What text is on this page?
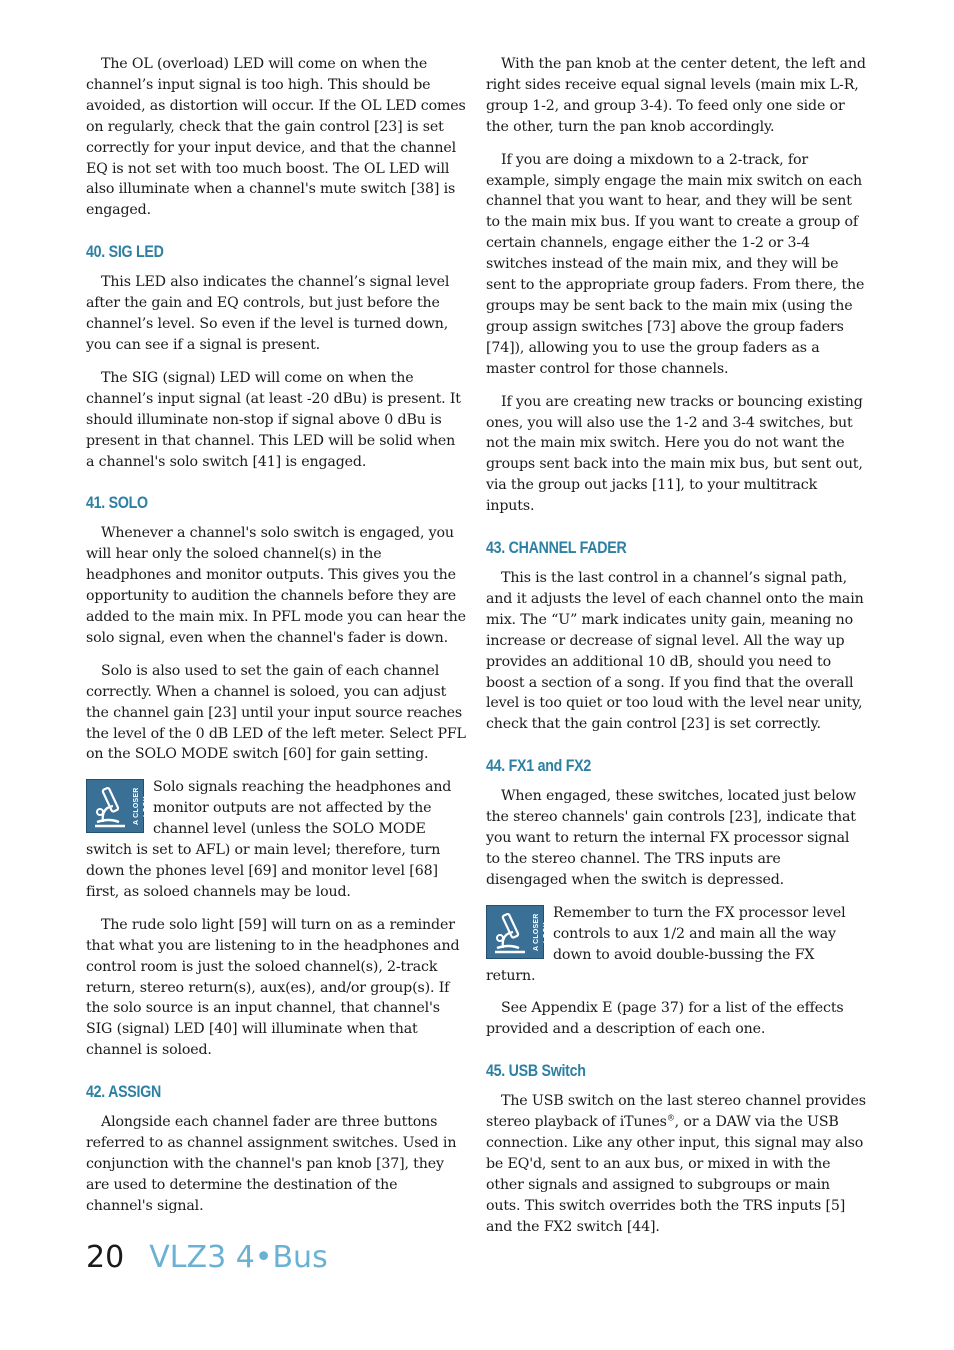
The OL (overload) LED will come on when the channel’s input signal is too high. This should be avoided, as distortion will occur. If the OL LED comes on regularly, check that the gain control [23] is set correctly for your input device, and that the channel EQ is not set with too much boost. The OL LED will also illuminate when a channel's mute switch [38] is engaged.

40. SIG LED

This LED also indicates the channel’s signal level after the gain and EQ controls, but just before the channel’s level. So even if the level is turned down, you can see if a signal is present.

The SIG (signal) LED will come on when the channel’s input signal (at least -20 dBu) is present. It should illuminate non-stop if signal above 0 dBu is present in that channel. This LED will be solid when a channel's solo switch [41] is engaged.

41. SOLO

Whenever a channel's solo switch is engaged, you will hear only the soloed channel(s) in the headphones and monitor outputs. This gives you the opportunity to audition the channels before they are added to the main mix. In PFL mode you can hear the solo signal, even when the channel's fader is down.

Solo is also used to set the gain of each channel correctly. When a channel is soloed, you can adjust the channel gain [23] until your input source reaches the level of the 0 dB LED of the left meter. Select PFL on the SOLO MODE switch [60] for gain setting.

A CLOSER LOOK

Solo signals reaching the headphones and monitor outputs are not affected by the channel level (unless the SOLO MODE switch is set to AFL) or main level; therefore, turn down the phones level [69] and monitor level [68] first, as soloed channels may be loud.

The rude solo light [59] will turn on as a reminder that what you are listening to in the headphones and control room is just the soloed channel(s), 2-track return, stereo return(s), aux(es), and/or group(s). If the solo source is an input channel, that channel's SIG (signal) LED [40] will illuminate when that channel is soloed.

42. ASSIGN

Alongside each channel fader are three buttons referred to as channel assignment switches. Used in conjunction with the channel's pan knob [37], they are used to determine the destination of the channel's signal.

With the pan knob at the center detent, the left and right sides receive equal signal levels (main mix L-R, group 1-2, and group 3-4). To feed only one side or the other, turn the pan knob accordingly.

If you are doing a mixdown to a 2-track, for example, simply engage the main mix switch on each channel that you want to hear, and they will be sent to the main mix bus. If you want to create a group of certain channels, engage either the 1-2 or 3-4 switches instead of the main mix, and they will be sent to the appropriate group faders. From there, the groups may be sent back to the main mix (using the group assign switches [73] above the group faders [74]), allowing you to use the group faders as a master control for those channels.

If you are creating new tracks or bouncing existing ones, you will also use the 1-2 and 3-4 switches, but not the main mix switch. Here you do not want the groups sent back into the main mix bus, but sent out, via the group out jacks [11], to your multitrack inputs.

43. CHANNEL FADER

This is the last control in a channel’s signal path, and it adjusts the level of each channel onto the main mix. The “U” mark indicates unity gain, meaning no increase or decrease of signal level. All the way up provides an additional 10 dB, should you need to boost a section of a song. If you find that the overall level is too quiet or too loud with the level near unity, check that the gain control [23] is set correctly.

44. FX1 and FX2

When engaged, these switches, located just below the stereo channels' gain controls [23], indicate that you want to return the internal FX processor signal to the stereo channel. The TRS inputs are disengaged when the switch is depressed.

A CLOSER LOOK

Remember to turn the FX processor level controls to aux 1/2 and main all the way down to avoid double-bussing the FX return.

See Appendix E (page 37) for a list of the effects provided and a description of each one.

45. USB Switch

The USB switch on the last stereo channel provides stereo playback of iTunes®, or a DAW via the USB connection. Like any other input, this signal may also be EQ'd, sent to an aux bus, or mixed in with the other signals and assigned to subgroups or main outs. This switch overrides both the TRS inputs [5] and the FX2 switch [44].

20 VLZ3 4•Bus
